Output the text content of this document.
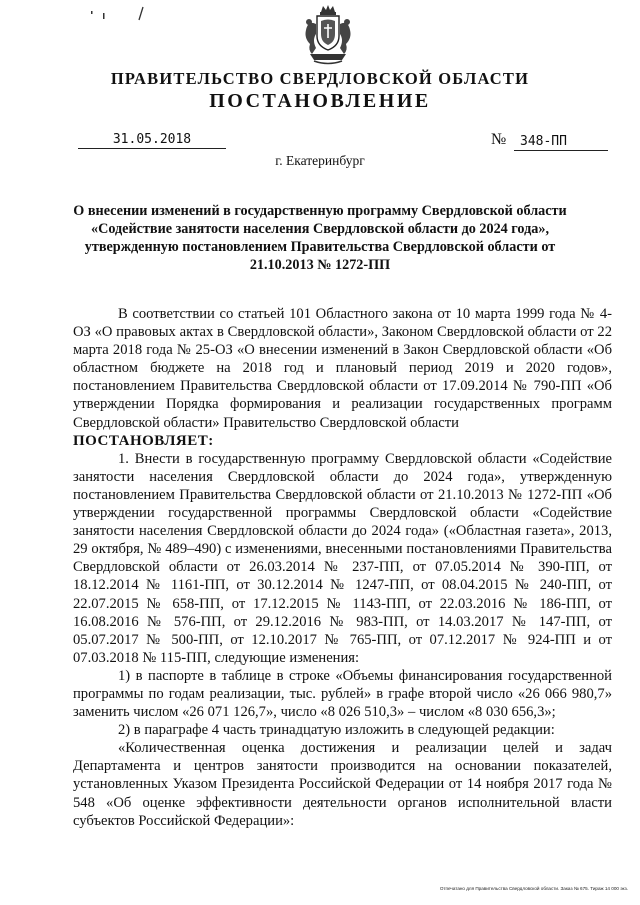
ПРАВИТЕЛЬСТВО СВЕРДЛОВСКОЙ ОБЛАСТИ
ПОСТАНОВЛЕНИЕ
31.05.2018	№	348-ПП
г. Екатеринбург
О внесении изменений в государственную программу Свердловской области «Содействие занятости населения Свердловской области до 2024 года», утвержденную постановлением Правительства Свердловской области от 21.10.2013 № 1272-ПП

В соответствии со статьей 101 Областного закона от 10 марта 1999 года № 4-ОЗ «О правовых актах в Свердловской области», Законом Свердловской области от 22 марта 2018 года № 25-ОЗ «О внесении изменений в Закон Свердловской области «Об областном бюджете на 2018 год и плановый период 2019 и 2020 годов», постановлением Правительства Свердловской области от 17.09.2014 № 790-ПП «Об утверждении Порядка формирования и реализации государственных программ Свердловской области» Правительство Свердловской области

ПОСТАНОВЛЯЕТ:

1. Внести в государственную программу Свердловской области «Содействие занятости населения Свердловской области до 2024 года», утвержденную постановлением Правительства Свердловской области от 21.10.2013 № 1272-ПП «Об утверждении государственной программы Свердловской области «Содействие занятости населения Свердловской области до 2024 года» («Областная газета», 2013, 29 октября, № 489–490) с изменениями, внесенными постановлениями Правительства Свердловской области от 26.03.2014 № 237-ПП, от 07.05.2014 № 390-ПП, от 18.12.2014 № 1161-ПП, от 30.12.2014 № 1247-ПП, от 08.04.2015 № 240-ПП, от 22.07.2015 № 658-ПП, от 17.12.2015 № 1143-ПП, от 22.03.2016 № 186-ПП, от 16.08.2016 № 576-ПП, от 29.12.2016 № 983-ПП, от 14.03.2017 № 147-ПП, от 05.07.2017 № 500-ПП, от 12.10.2017 № 765-ПП, от 07.12.2017 № 924-ПП и от 07.03.2018 № 115-ПП, следующие изменения:

1) в паспорте в таблице в строке «Объемы финансирования государственной программы по годам реализации, тыс. рублей» в графе второй число «26 066 980,7» заменить числом «26 071 126,7», число «8 026 510,3» – числом «8 030 656,3»;

2) в параграфе 4 часть тринадцатую изложить в следующей редакции:

«Количественная оценка достижения и реализации целей и задач Департамента и центров занятости производится на основании показателей, установленных Указом Президента Российской Федерации от 14 ноября 2017 года № 548 «Об оценке эффективности деятельности органов исполнительной власти субъектов Российской Федерации»:

Отпечатано для Правительства Свердловской области. Заказ № 675. Тираж 14 000 экз.
